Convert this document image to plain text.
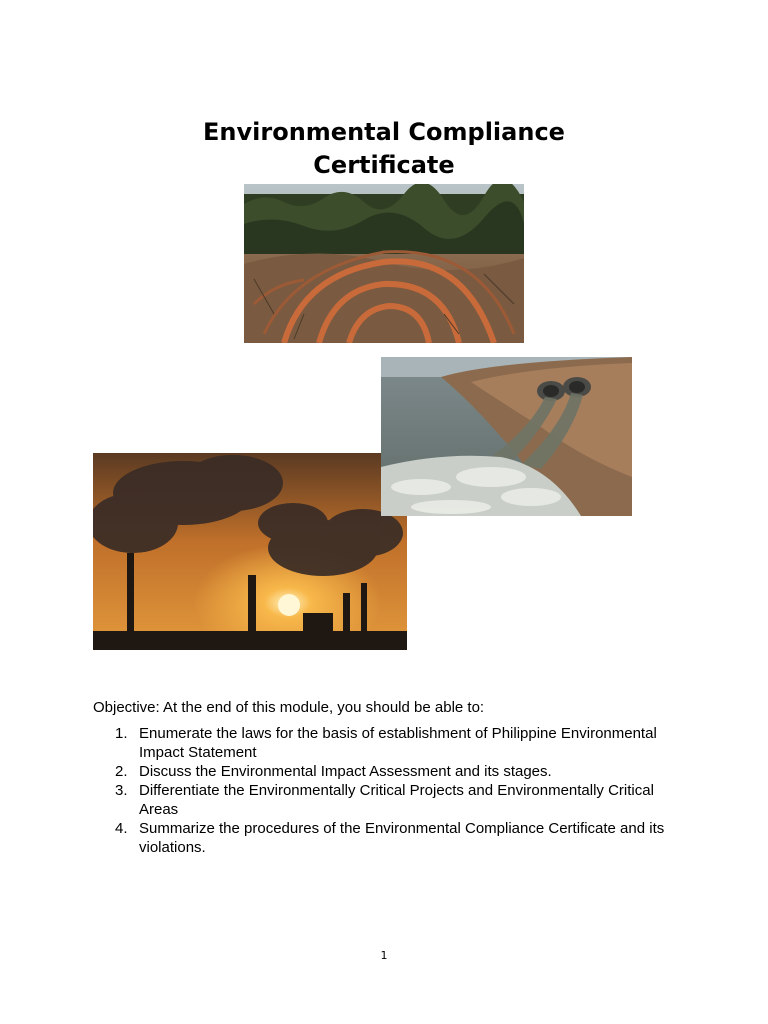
Environmental Compliance
Certificate
Objective: At the end of this module, you should be able to:
1. Enumerate the laws for the basis of establishment of Philippine Environmental Impact Statement
2. Discuss the Environmental Impact Assessment and its stages.
3. Differentiate the Environmentally Critical Projects and Environmentally Critical Areas
4. Summarize the procedures of the Environmental Compliance Certificate and its violations.
1
